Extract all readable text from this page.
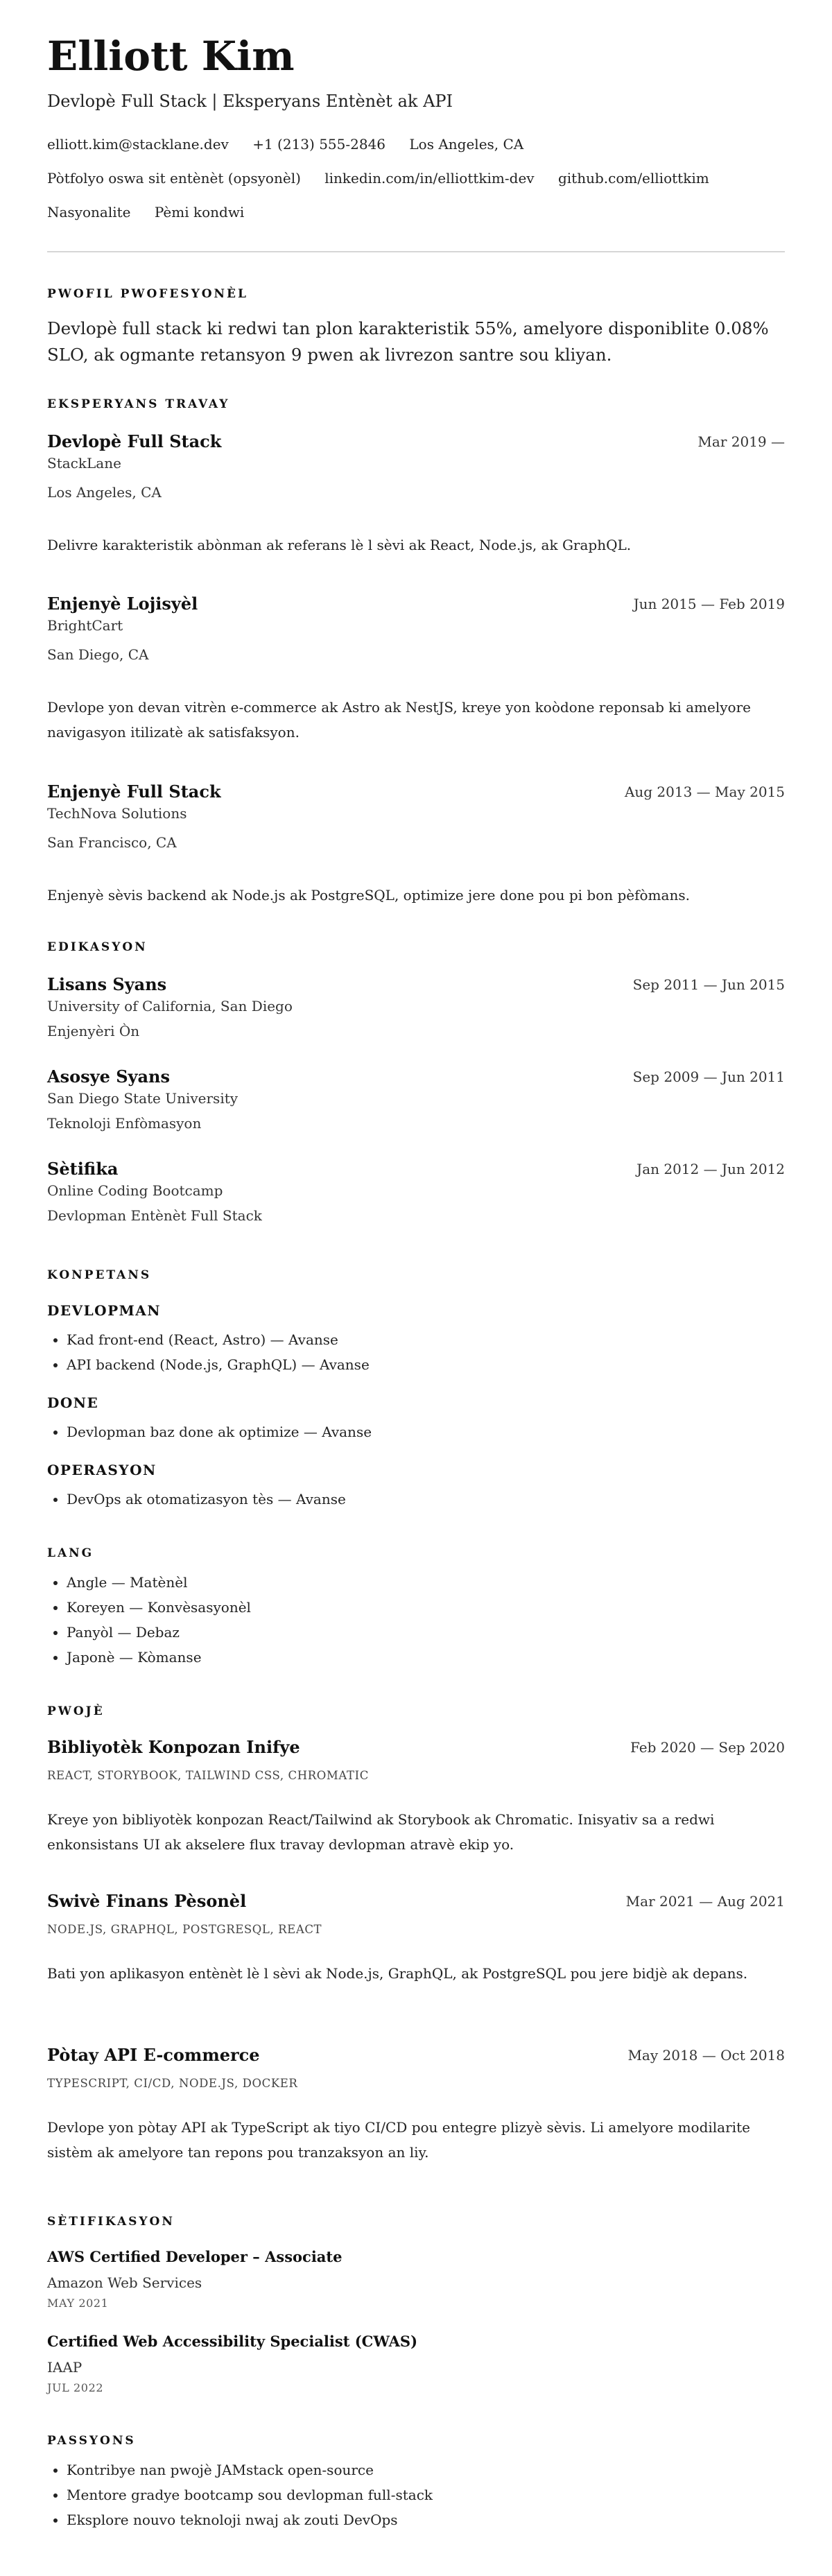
Elliott Kim
Devlopè Full Stack | Eksperyans Entènèt ak API
elliott.kim@stacklane.dev +1 (213) 555-2846 Los Angeles, CA
Pòtfolyo oswa sit entènèt (opsyonèl) linkedin.com/in/elliottkim-dev github.com/elliottkim
Nasyonalite Pèmi kondwi
PWOFIL PWOFESYONÈL
Devlopè full stack ki redwi tan plon karakteristik 55%, amelyore disponiblite 0.08% SLO, ak ogmante retansyon 9 pwen ak livrezon santre sou kliyan.
EKSPERYANS TRAVAY
Devlopè Full Stack	Mar 2019 —
StackLane
Los Angeles, CA
Delivre karakteristik abònman ak referans lè l sèvi ak React, Node.js, ak GraphQL.
Enjenyè Lojisyèl	Jun 2015 — Feb 2019
BrightCart
San Diego, CA
Devlope yon devan vitrèn e-commerce ak Astro ak NestJS, kreye yon koòdone reponsab ki amelyore navigasyon itilizatè ak satisfaksyon.
Enjenyè Full Stack	Aug 2013 — May 2015
TechNova Solutions
San Francisco, CA
Enjenyè sèvis backend ak Node.js ak PostgreSQL, optimize jere done pou pi bon pèfòmans.
EDIKASYON
Lisans Syans	Sep 2011 — Jun 2015
University of California, San Diego
Enjenyèri Òn
Asosye Syans	Sep 2009 — Jun 2011
San Diego State University
Teknoloji Enfòmasyon
Sètifika	Jan 2012 — Jun 2012
Online Coding Bootcamp
Devlopman Entènèt Full Stack
KONPETANS
DEVLOPMAN
• Kad front-end (React, Astro) — Avanse
• API backend (Node.js, GraphQL) — Avanse
DONE
• Devlopman baz done ak optimize — Avanse
OPERASYON
• DevOps ak otomatizasyon tès — Avanse
LANG
• Angle — Matènèl
• Koreyen — Konvèsasyonèl
• Panyòl — Debaz
• Japonè — Kòmanse
PWOJÈ
Bibliyotèk Konpozan Inifye	Feb 2020 — Sep 2020
REACT, STORYBOOK, TAILWIND CSS, CHROMATIC
Kreye yon bibliyotèk konpozan React/Tailwind ak Storybook ak Chromatic. Inisyativ sa a redwi enkonsistans UI ak akselere flux travay devlopman atravè ekip yo.
Swivè Finans Pèsonèl	Mar 2021 — Aug 2021
NODE.JS, GRAPHQL, POSTGRESQL, REACT
Bati yon aplikasyon entènèt lè l sèvi ak Node.js, GraphQL, ak PostgreSQL pou jere bidjè ak depans.
Pòtay API E-commerce	May 2018 — Oct 2018
TYPESCRIPT, CI/CD, NODE.JS, DOCKER
Devlope yon pòtay API ak TypeScript ak tiyo CI/CD pou entegre plizyè sèvis. Li amelyore modilarite sistèm ak amelyore tan repons pou tranzaksyon an liy.
SÈTIFIKASYON
AWS Certified Developer – Associate
Amazon Web Services
MAY 2021
Certified Web Accessibility Specialist (CWAS)
IAAP
JUL 2022
PASSYONS
• Kontribye nan pwojè JAMstack open-source
• Mentore gradye bootcamp sou devlopman full-stack
• Eksplore nouvo teknoloji nwaj ak zouti DevOps
